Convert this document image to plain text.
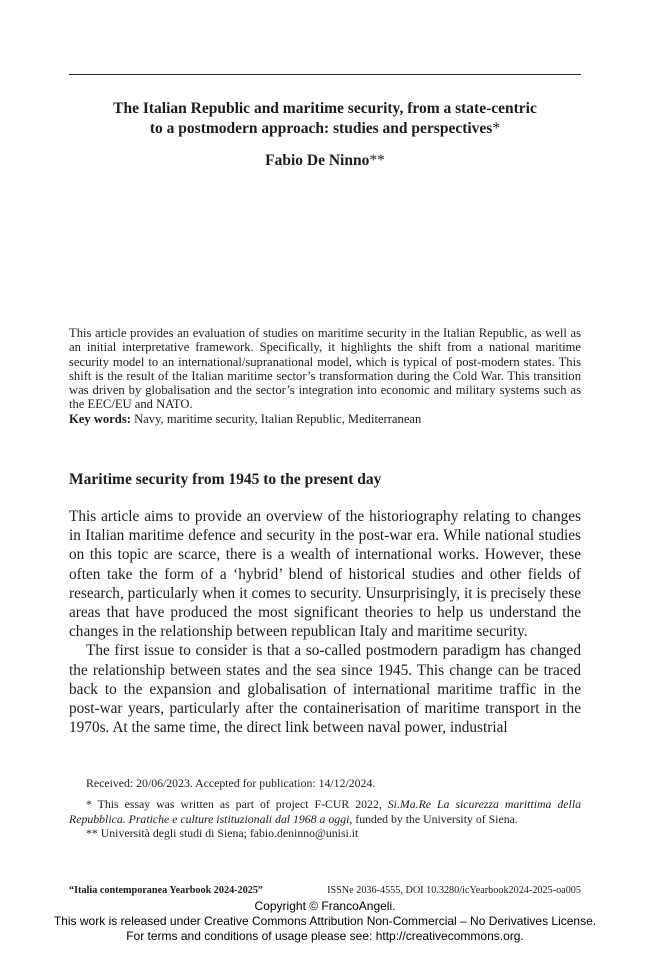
The Italian Republic and maritime security, from a state-centric
to a postmodern approach: studies and perspectives*
Fabio De Ninno**

This article provides an evaluation of studies on maritime security in the Italian Republic, as well as an initial interpretative framework. Specifically, it highlights the shift from a national maritime security model to an international/supranational model, which is typical of post-modern states. This shift is the result of the Italian maritime sector’s transformation during the Cold War. This transition was driven by globalisation and the sector’s integration into economic and military systems such as the EEC/EU and NATO.

Key words: Navy, maritime security, Italian Republic, Mediterranean

Maritime security from 1945 to the present day

This article aims to provide an overview of the historiography relating to changes in Italian maritime defence and security in the post-war era. While national studies on this topic are scarce, there is a wealth of international works. However, these often take the form of a ‘hybrid’ blend of historical studies and other fields of research, particularly when it comes to security. Unsurprisingly, it is precisely these areas that have produced the most significant theories to help us understand the changes in the relationship between republican Italy and maritime security.

The first issue to consider is that a so-called postmodern paradigm has changed the relationship between states and the sea since 1945. This change can be traced back to the expansion and globalisation of international maritime traffic in the post-war years, particularly after the containerisation of maritime transport in the 1970s. At the same time, the direct link between naval power, industrial

Received: 20/06/2023. Accepted for publication: 14/12/2024.

* This essay was written as part of project F-CUR 2022, Si.Ma.Re La sicurezza marittima della Repubblica. Pratiche e culture istituzionali dal 1968 a oggi, funded by the University of Siena.

** Università degli studi di Siena; fabio.deninno@unisi.it

“Italia contemporanea Yearbook 2024-2025”	ISSNe 2036-4555, DOI 10.3280/icYearbook2024-2025-oa005
Copyright © FrancoAngeli.
This work is released under Creative Commons Attribution Non-Commercial – No Derivatives License.
For terms and conditions of usage please see: http://creativecommons.org.
